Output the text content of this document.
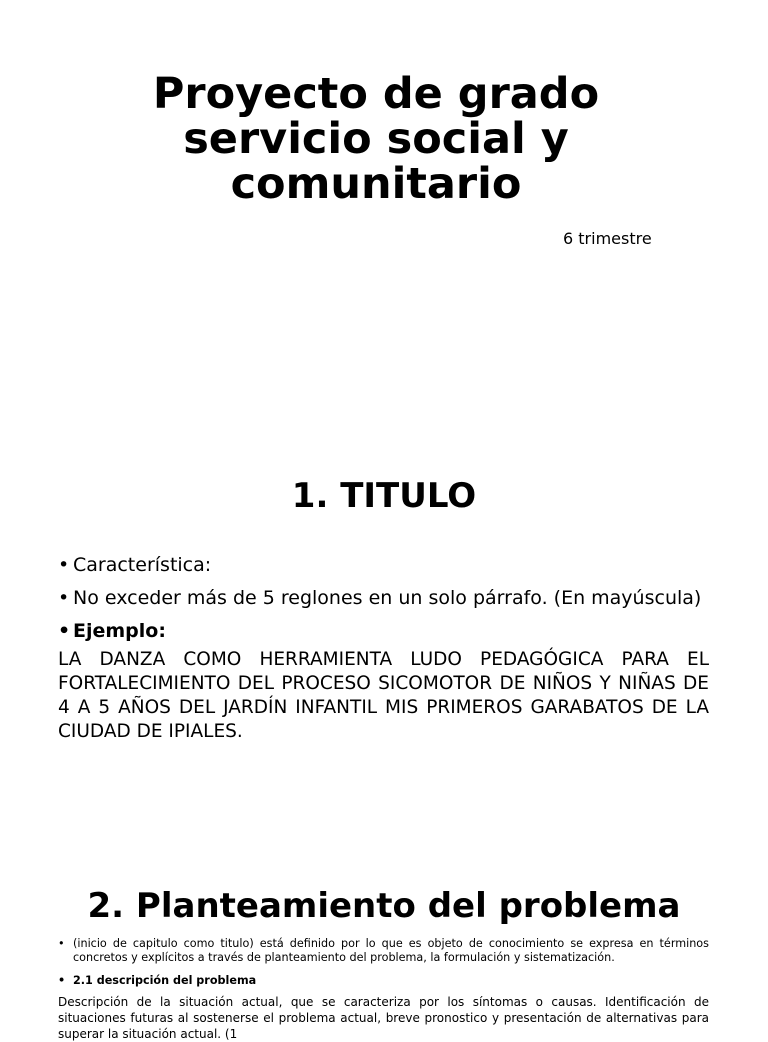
Proyecto de grado
servicio social y
comunitario

6 trimestre

1. TITULO
• Característica:
• No exceder más de 5 reglones en un solo párrafo. (En mayúscula)
• Ejemplo:

LA DANZA COMO HERRAMIENTA LUDO PEDAGÓGICA PARA EL FORTALECIMIENTO DEL PROCESO SICOMOTOR DE NIÑOS Y NIÑAS DE 4 A 5 AÑOS DEL JARDÍN INFANTIL MIS PRIMEROS GARABATOS DE LA CIUDAD DE IPIALES.

2. Planteamiento del problema
• (inicio de capitulo como titulo) está definido por lo que es objeto de conocimiento se expresa en términos concretos y explícitos a través de planteamiento del problema, la formulación y sistematización.
• 2.1 descripción del problema

Descripción de la situación actual, que se caracteriza por los síntomas o causas. Identificación de situaciones futuras al sostenerse el problema actual, breve pronostico y presentación de alternativas para superar la situación actual. (1
